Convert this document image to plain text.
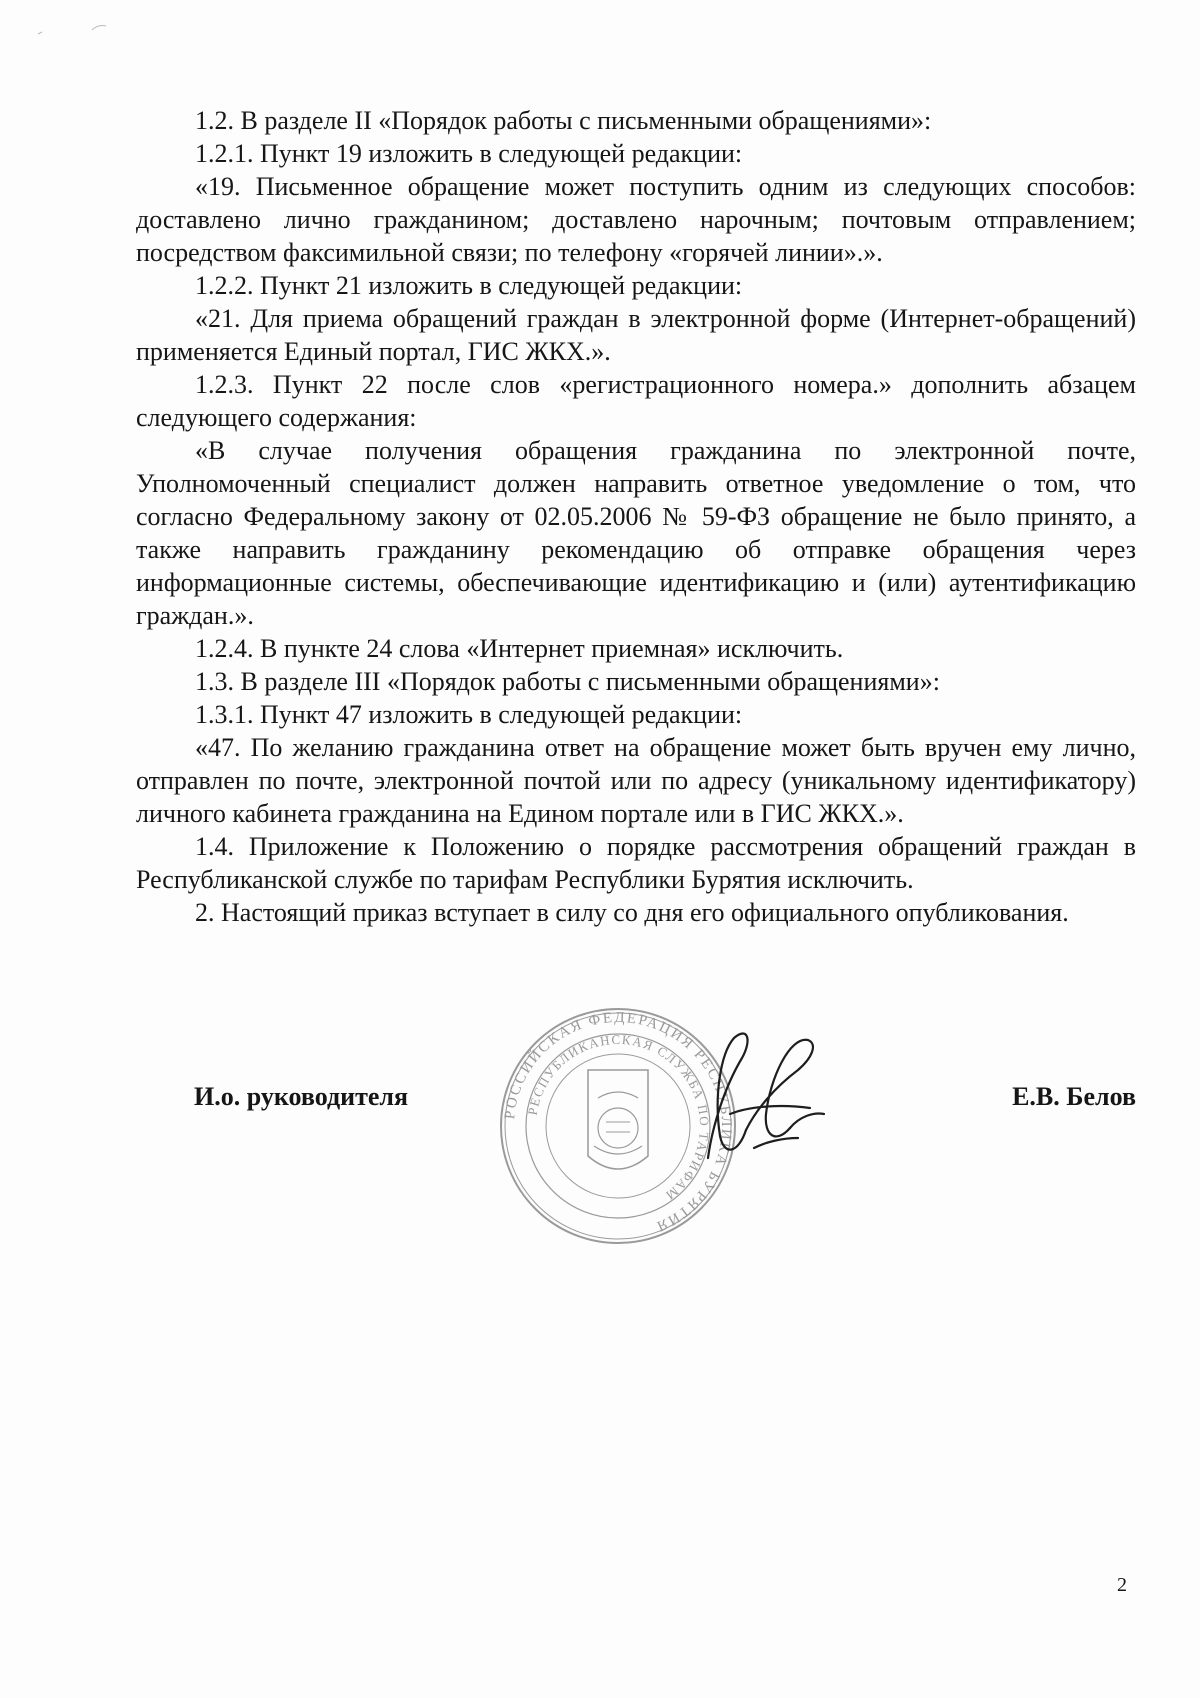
1.2. В разделе II «Порядок работы с письменными обращениями»:

1.2.1. Пункт 19 изложить в следующей редакции:

«19. Письменное обращение может поступить одним из следующих способов: доставлено лично гражданином; доставлено нарочным; почтовым отправлением; посредством факсимильной связи; по телефону «горячей линии».».

1.2.2. Пункт 21 изложить в следующей редакции:

«21. Для приема обращений граждан в электронной форме (Интернет-обращений) применяется Единый портал, ГИС ЖКХ.».

1.2.3. Пункт 22 после слов «регистрационного номера.» дополнить абзацем следующего содержания:

«В случае получения обращения гражданина по электронной почте, Уполномоченный специалист должен направить ответное уведомление о том, что согласно Федеральному закону от 02.05.2006 № 59-ФЗ обращение не было принято, а также направить гражданину рекомендацию об отправке обращения через информационные системы, обеспечивающие идентификацию и (или) аутентификацию граждан.».

1.2.4. В пункте 24 слова «Интернет приемная» исключить.

1.3. В разделе III «Порядок работы с письменными обращениями»:

1.3.1. Пункт 47 изложить в следующей редакции:

«47. По желанию гражданина ответ на обращение может быть вручен ему лично, отправлен по почте, электронной почтой или по адресу (уникальному идентификатору) личного кабинета гражданина на Едином портале или в ГИС ЖКХ.».

1.4. Приложение к Положению о порядке рассмотрения обращений граждан в Республиканской службе по тарифам Республики Бурятия исключить.

2. Настоящий приказ вступает в силу со дня его официального опубликования.

И.о. руководителя	Е.В. Белов
РОССИЙСКАЯ ФЕДЕРАЦИЯ РЕСПУБЛИКА БУРЯТИЯ
РЕСПУБЛИКАНСКАЯ СЛУЖБА ПО ТАРИФАМ
2
